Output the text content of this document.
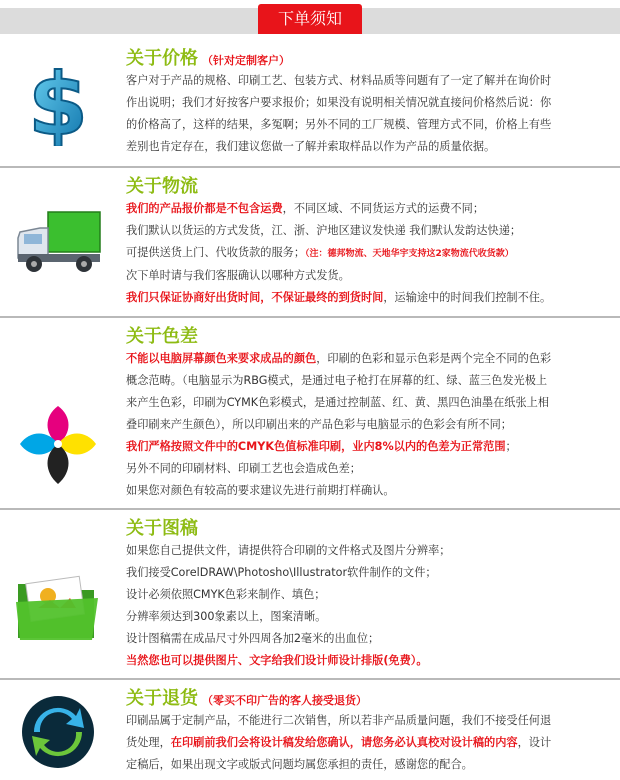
下单须知
$ 关于价格 （针对定制客户）
客户对于产品的规格、印刷工艺、包装方式、材料品质等问题有了一定了解并在询价时
作出说明；我们才好按客户要求报价；如果没有说明相关情况就直接问价格然后说：你
的价格高了，这样的结果，多冤啊；另外不同的工厂规模、管理方式不同，价格上有些
差别也肯定存在，我们建议您做一了解并索取样品以作为产品的质量依据。
关于物流
我们的产品报价都是不包含运费，不同区域、不同货运方式的运费不同；
我们默认以货运的方式发货，江、浙、沪地区建议发快递 我们默认发韵达快递；
可提供送货上门、代收货款的服务；（注：德邦物流、天地华宇支持这2家物流代收货款）
次下单时请与我们客服确认以哪种方式发货。
我们只保证协商好出货时间，不保证最终的到货时间，运输途中的时间我们控制不住。
关于色差
不能以电脑屏幕颜色来要求成品的颜色，印刷的色彩和显示色彩是两个完全不同的色彩
概念范畴。（电脑显示为RBG模式，是通过电子枪打在屏幕的红、绿、蓝三色发光极上
来产生色彩，印刷为CYMK色彩模式，是通过控制蓝、红、黄、黑四色油墨在纸张上相
叠印刷来产生颜色），所以印刷出来的产品色彩与电脑显示的色彩会有所不同；
我们严格按照文件中的CMYK色值标准印刷，业内8%以内的色差为正常范围；
另外不同的印刷材料、印刷工艺也会造成色差；
如果您对颜色有较高的要求建议先进行前期打样确认。
关于图稿
如果您自己提供文件，请提供符合印刷的文件格式及图片分辨率；
我们接受CorelDRAW\Photosho\Illustrator软件制作的文件；
设计必须依照CMYK色彩来制作、填色；
分辨率须达到300象素以上，图案清晰。
设计图稿需在成品尺寸外四周各加2毫米的出血位；
当然您也可以提供图片、文字给我们设计师设计排版(免费）。
关于退货 （零买不印广告的客人接受退货）
印刷品属于定制产品，不能进行二次销售，所以若非产品质量问题，我们不接受任何退
货处理，在印刷前我们会将设计稿发给您确认，请您务必认真校对设计稿的内容，设计
定稿后，如果出现文字或版式问题均属您承担的责任，感谢您的配合。
